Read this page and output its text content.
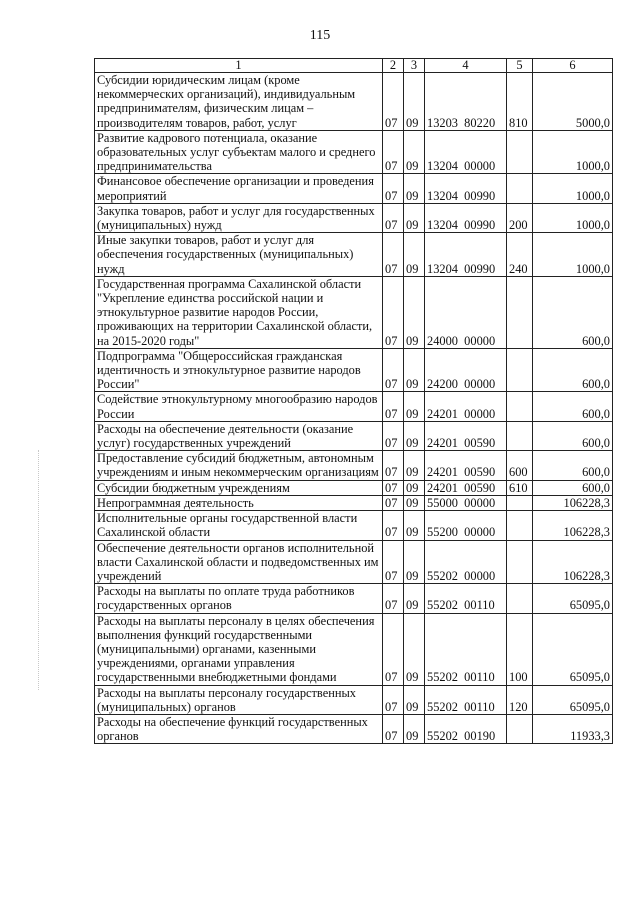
115
1	2	3	4	5	6
Субсидии юридическим лицам (кроме некоммерческих организаций), индивидуальным предпринимателям, физическим лицам – производителям товаров, работ, услуг	07	09	13203  80220	810	5000,0
Развитие кадрового потенциала, оказание образовательных услуг субъектам малого и среднего предпринимательства	07	09	13204  00000		1000,0
Финансовое обеспечение организации и проведения мероприятий	07	09	13204  00990		1000,0
Закупка товаров, работ и услуг для государственных (муниципальных) нужд	07	09	13204  00990	200	1000,0
Иные закупки товаров, работ и услуг для обеспечения государственных (муниципальных) нужд	07	09	13204  00990	240	1000,0
Государственная программа Сахалинской области "Укрепление единства российской нации и этнокультурное развитие народов России, проживающих на территории Сахалинской области, на 2015-2020 годы"	07	09	24000  00000		600,0
Подпрограмма "Общероссийская гражданская идентичность и этнокультурное развитие народов России"	07	09	24200  00000		600,0
Содействие этнокультурному многообразию народов России	07	09	24201  00000		600,0
Расходы на обеспечение деятельности (оказание услуг) государственных учреждений	07	09	24201  00590		600,0
Предоставление субсидий бюджетным, автономным учреждениям и иным некоммерческим организациям	07	09	24201  00590	600	600,0
Субсидии бюджетным учреждениям	07	09	24201  00590	610	600,0
Непрограммная деятельность	07	09	55000  00000		106228,3
Исполнительные органы государственной власти Сахалинской области	07	09	55200  00000		106228,3
Обеспечение деятельности органов исполнительной власти Сахалинской области и подведомственных им учреждений	07	09	55202  00000		106228,3
Расходы на выплаты по оплате труда работников государственных органов	07	09	55202  00110		65095,0
Расходы на выплаты персоналу в целях обеспечения выполнения функций государственными (муниципальными) органами, казенными учреждениями, органами управления государственными внебюджетными фондами	07	09	55202  00110	100	65095,0
Расходы на выплаты персоналу государственных (муниципальных) органов	07	09	55202  00110	120	65095,0
Расходы на обеспечение функций государственных органов	07	09	55202  00190		11933,3
